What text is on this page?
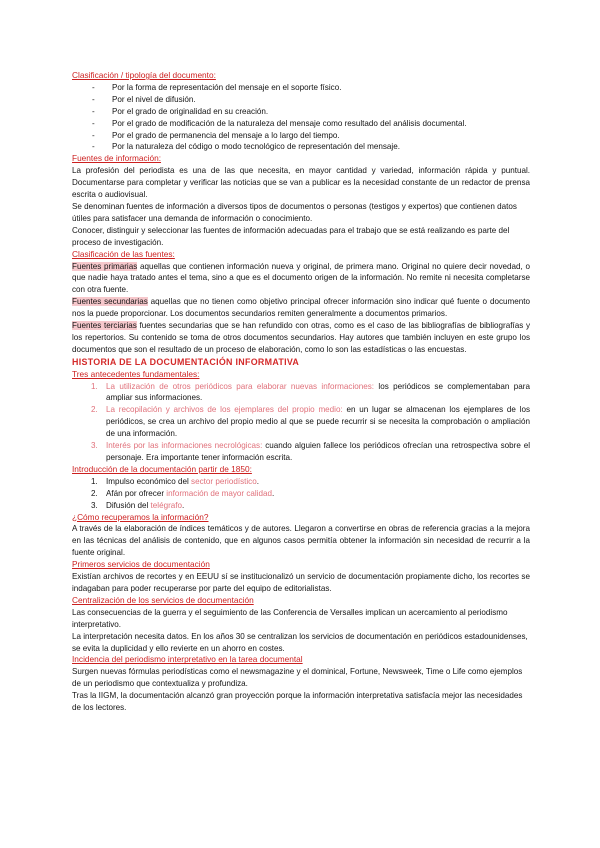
Clasificación / tipología del documento:
- Por la forma de representación del mensaje en el soporte físico.
- Por el nivel de difusión.
- Por el grado de originalidad en su creación.
- Por el grado de modificación de la naturaleza del mensaje como resultado del análisis documental.
- Por el grado de permanencia del mensaje a lo largo del tiempo.
- Por la naturaleza del código o modo tecnológico de representación del mensaje.
Fuentes de información:

La profesión del periodista es una de las que necesita, en mayor cantidad y variedad, información rápida y puntual. Documentarse para completar y verificar las noticias que se van a publicar es la necesidad constante de un redactor de prensa escrita o audiovisual.

Se denominan fuentes de información a diversos tipos de documentos o personas (testigos y expertos) que contienen datos útiles para satisfacer una demanda de información o conocimiento.

Conocer, distinguir y seleccionar las fuentes de información adecuadas para el trabajo que se está realizando es parte del proceso de investigación.

Clasificación de las fuentes:

Fuentes primarias aquellas que contienen información nueva y original, de primera mano. Original no quiere decir novedad, o que nadie haya tratado antes el tema, sino a que es el documento origen de la información. No remite ni necesita completarse con otra fuente.

Fuentes secundarias aquellas que no tienen como objetivo principal ofrecer información sino indicar qué fuente o documento nos la puede proporcionar. Los documentos secundarios remiten generalmente a documentos primarios.

Fuentes terciarias fuentes secundarias que se han refundido con otras, como es el caso de las bibliografías de bibliografías y los repertorios. Su contenido se toma de otros documentos secundarios. Hay autores que también incluyen en este grupo los documentos que son el resultado de un proceso de elaboración, como lo son las estadísticas o las encuestas.

HISTORIA DE LA DOCUMENTACIÓN INFORMATIVA
Tres antecedentes fundamentales:
1. La utilización de otros periódicos para elaborar nuevas informaciones: los periódicos se complementaban para ampliar sus informaciones.
2. La recopilación y archivos de los ejemplares del propio medio: en un lugar se almacenan los ejemplares de los periódicos, se crea un archivo del propio medio al que se puede recurrir si se necesita la comprobación o ampliación de una información.
3. Interés por las informaciones necrológicas: cuando alguien fallece los periódicos ofrecían una retrospectiva sobre el personaje. Era importante tener información escrita.
Introducción de la documentación partir de 1850:
1. Impulso económico del sector periodístico.
2. Afán por ofrecer información de mayor calidad.
3. Difusión del telégrafo.
¿Cómo recuperamos la información?

A través de la elaboración de índices temáticos y de autores. Llegaron a convertirse en obras de referencia gracias a la mejora en las técnicas del análisis de contenido, que en algunos casos permitía obtener la información sin necesidad de recurrir a la fuente original.

Primeros servicios de documentación

Existían archivos de recortes y en EEUU sí se institucionalizó un servicio de documentación propiamente dicho, los recortes se indagaban para poder recuperarse por parte del equipo de editorialistas.

Centralización de los servicios de documentación

Las consecuencias de la guerra y el seguimiento de las Conferencia de Versalles implican un acercamiento al periodismo interpretativo.

La interpretación necesita datos. En los años 30 se centralizan los servicios de documentación en periódicos estadounidenses, se evita la duplicidad y ello revierte en un ahorro en costes.

Incidencia del periodismo interpretativo en la tarea documental

Surgen nuevas fórmulas periodísticas como el newsmagazine y el dominical, Fortune, Newsweek, Time o Life como ejemplos de un periodismo que contextualiza y profundiza.

Tras la IIGM, la documentación alcanzó gran proyección porque la información interpretativa satisfacía mejor las necesidades de los lectores.
